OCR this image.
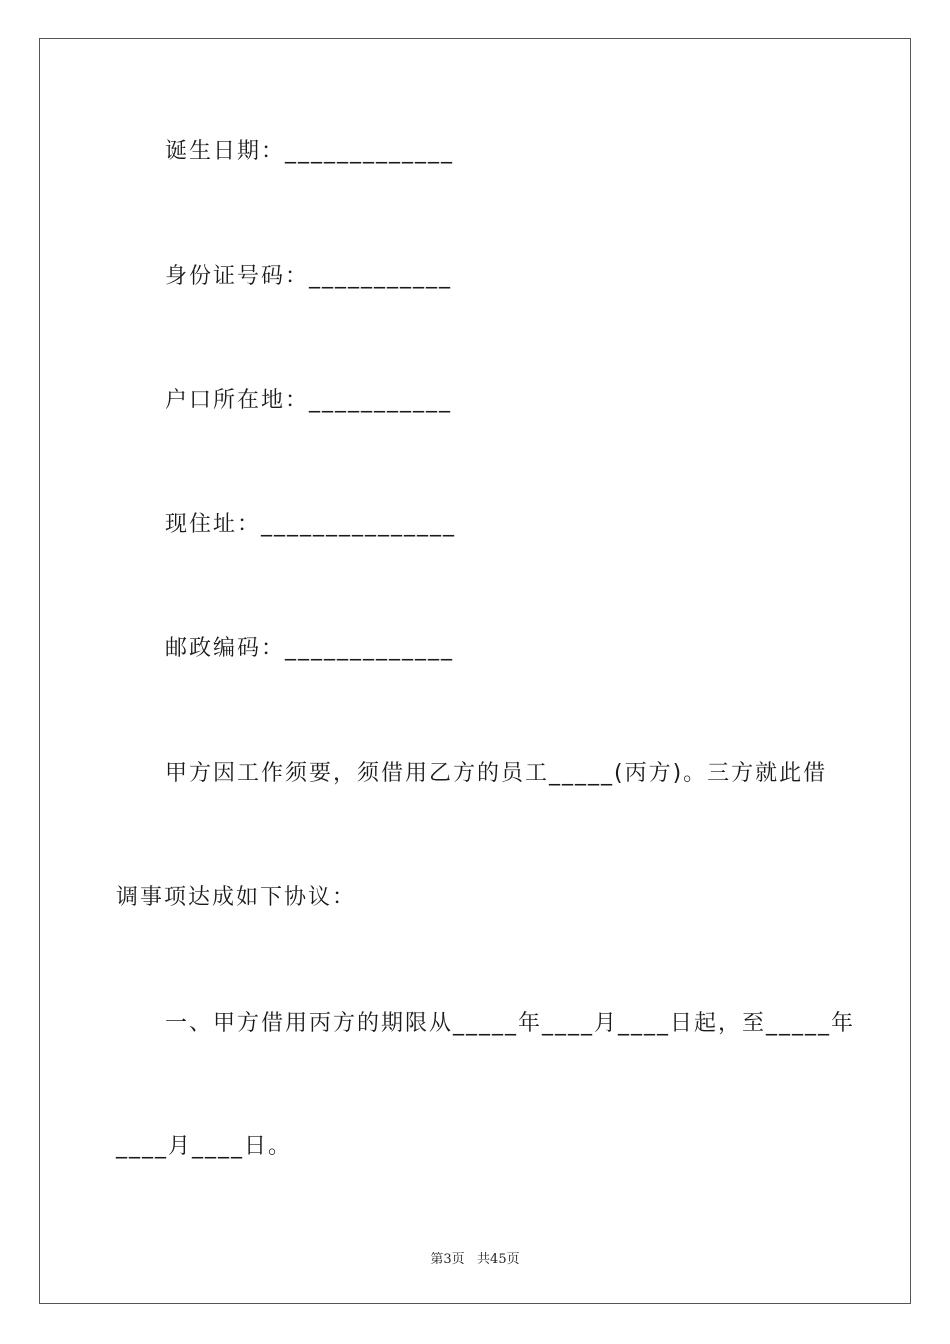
诞生日期：_____________
身份证号码：___________
户口所在地：___________
现住址：_______________
邮政编码：_____________
甲方因工作须要，须借用乙方的员工_____(丙方)。三方就此借
调事项达成如下协议：
一、甲方借用丙方的期限从_____年____月____日起，至_____年
____月____日。
第3页   共45页
